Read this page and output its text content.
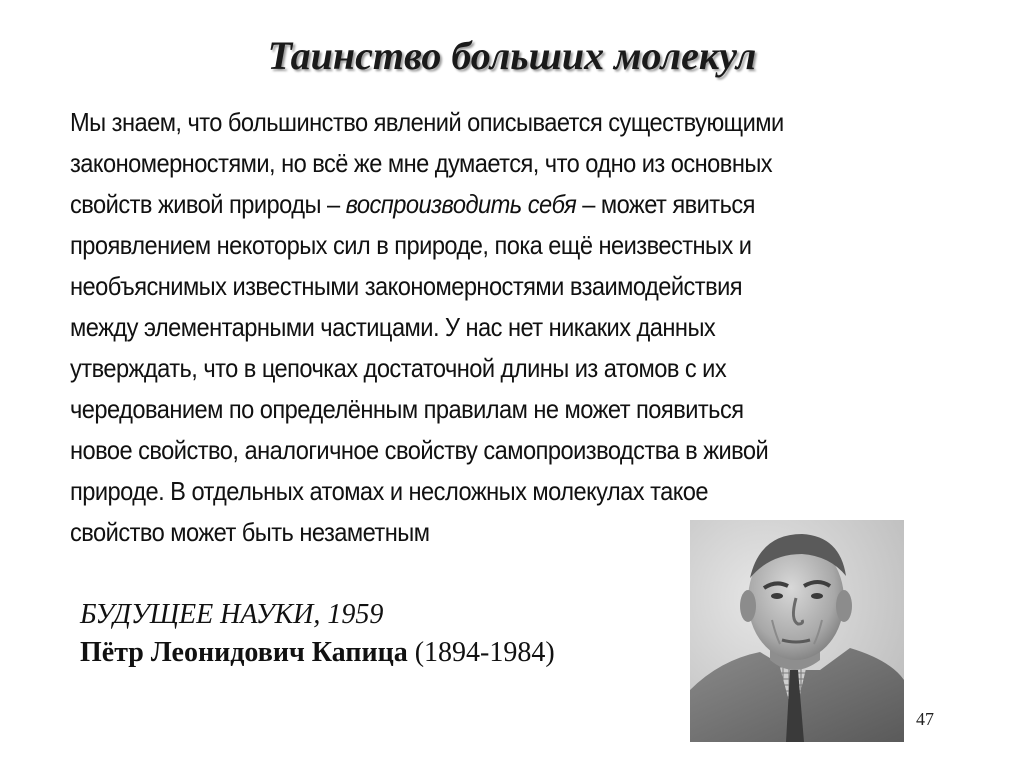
Таинство больших молекул
Мы знаем, что большинство явлений описывается существующими
закономерностями, но всё же мне думается, что одно из основных
свойств живой природы – воспроизводить себя – может явиться
проявлением некоторых сил в природе, пока ещё неизвестных и
необъяснимых известными закономерностями взаимодействия
между элементарными частицами. У нас нет никаких данных
утверждать, что в цепочках достаточной длины из атомов с их
чередованием по определённым правилам не может появиться
новое свойство, аналогичное свойству самопроизводства в живой
природе. В отдельных атомах и несложных молекулах такое
свойство может быть незаметным
БУДУЩЕЕ НАУКИ, 1959
Пётр Леонидович Капица (1894-1984)
47
